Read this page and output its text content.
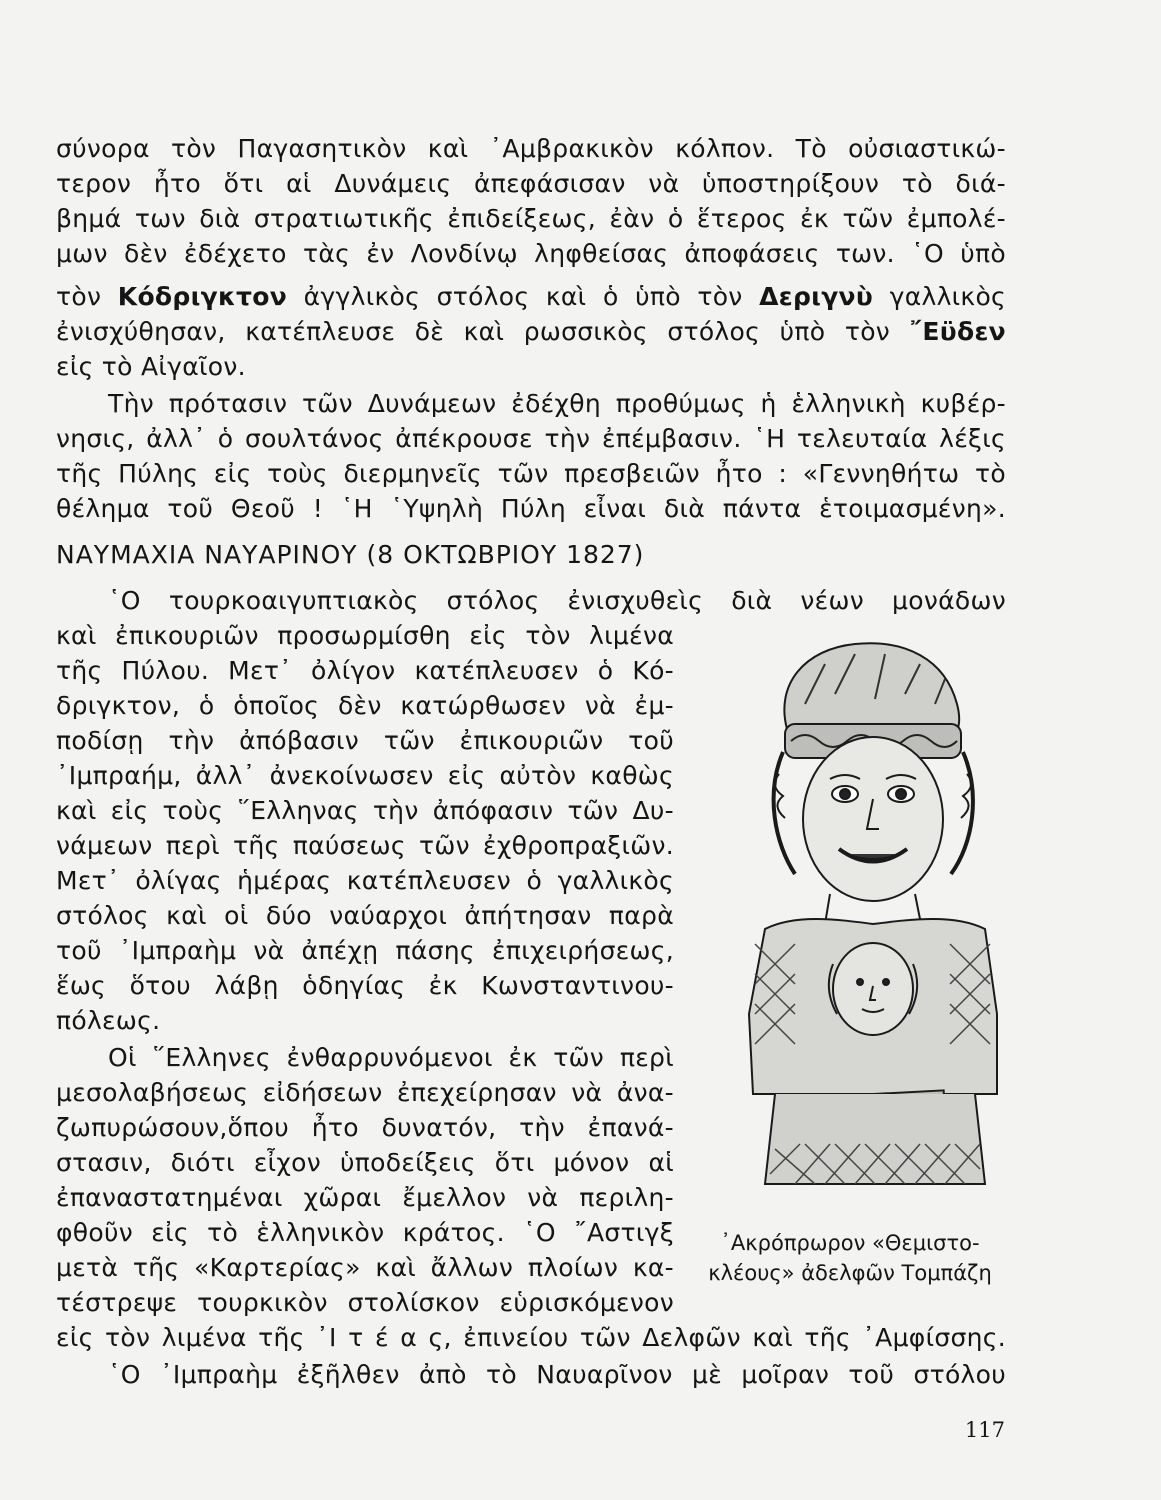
σύνορα τὸν Παγασητικὸν καὶ ᾿Αμβρακικὸν κόλπον. Τὸ οὐσιαστικώ-
τερον ἦτο ὅτι αἱ Δυνάμεις ἀπεφάσισαν νὰ ὑποστηρίξουν τὸ διά-
βημά των διὰ στρατιωτικῆς ἐπιδείξεως, ἐὰν ὁ ἕτερος ἐκ τῶν ἐμπολέ-
μων δὲν ἐδέχετο τὰς ἐν Λονδίνῳ ληφθείσας ἀποφάσεις των. ῾Ο ὑπὸ
τὸν Κόδριγκτον ἀγγλικὸς στόλος καὶ ὁ ὑπὸ τὸν Δεριγνὺ γαλλικὸς
ἐνισχύθησαν, κατέπλευσε δὲ καὶ ρωσσικὸς στόλος ὑπὸ τὸν ῎Εϋδεν
εἰς τὸ Αἰγαῖον.
Τὴν πρότασιν τῶν Δυνάμεων ἐδέχθη προθύμως ἡ ἑλληνικὴ κυβέρ-
νησις, ἀλλ᾿ ὁ σουλτάνος ἀπέκρουσε τὴν ἐπέμβασιν. ῾Η τελευταία λέξις
τῆς Πύλης εἰς τοὺς διερμηνεῖς τῶν πρεσβειῶν ἦτο : «Γεννηθήτω τὸ
θέλημα τοῦ Θεοῦ ! ῾Η ῾Υψηλὴ Πύλη εἶναι διὰ πάντα ἑτοιμασμένη».
ΝΑΥΜΑΧΙΑ ΝΑΥΑΡΙΝΟΥ (8 ΟΚΤΩΒΡΙΟΥ 1827)
῾Ο τουρκοαιγυπτιακὸς στόλος ἐνισχυθεὶς διὰ νέων μονάδων
καὶ ἐπικουριῶν προσωρμίσθη εἰς τὸν λιμένα
τῆς Πύλου. Μετ᾿ ὀλίγον κατέπλευσεν ὁ Κό-
δριγκτον, ὁ ὁποῖος δὲν κατώρθωσεν νὰ ἐμ-
ποδίσῃ τὴν ἀπόβασιν τῶν ἐπικουριῶν τοῦ
᾿Ιμπραήμ, ἀλλ᾿ ἀνεκοίνωσεν εἰς αὐτὸν καθὼς
καὶ εἰς τοὺς ῞Ελληνας τὴν ἀπόφασιν τῶν Δυ-
νάμεων περὶ τῆς παύσεως τῶν ἐχθροπραξιῶν.
Μετ᾿ ὀλίγας ἡμέρας κατέπλευσεν ὁ γαλλικὸς
στόλος καὶ οἱ δύο ναύαρχοι ἀπήτησαν παρὰ
τοῦ ᾿Ιμπραὴμ νὰ ἀπέχῃ πάσης ἐπιχειρήσεως,
ἕως ὅτου λάβῃ ὁδηγίας ἐκ Κωνσταντινου-
πόλεως.
Οἱ ῞Ελληνες ἐνθαρρυνόμενοι ἐκ τῶν περὶ
μεσολαβήσεως εἰδήσεων ἐπεχείρησαν νὰ ἀνα-
ζωπυρώσουν,ὅπου ἦτο δυνατόν, τὴν ἐπανά-
στασιν, διότι εἶχον ὑποδείξεις ὅτι μόνον αἱ
ἐπαναστατημέναι χῶραι ἔμελλον νὰ περιλη-
φθοῦν εἰς τὸ ἑλληνικὸν κράτος. ῾Ο ῎Αστιγξ
μετὰ τῆς «Καρτερίας» καὶ ἄλλων πλοίων κα-
τέστρεψε τουρκικὸν στολίσκον εὑρισκόμενον
εἰς τὸν λιμένα τῆς ᾿Ι τ έ α ς, ἐπινείου τῶν Δελφῶν καὶ τῆς ᾿Αμφίσσης.
῾Ο ᾿Ιμπραὴμ ἐξῆλθεν ἀπὸ τὸ Ναυαρῖνον μὲ μοῖραν τοῦ στόλου
᾿Ακρόπρωρον «Θεμιστο-
κλέους» ἀδελφῶν Τομπάζη
117
